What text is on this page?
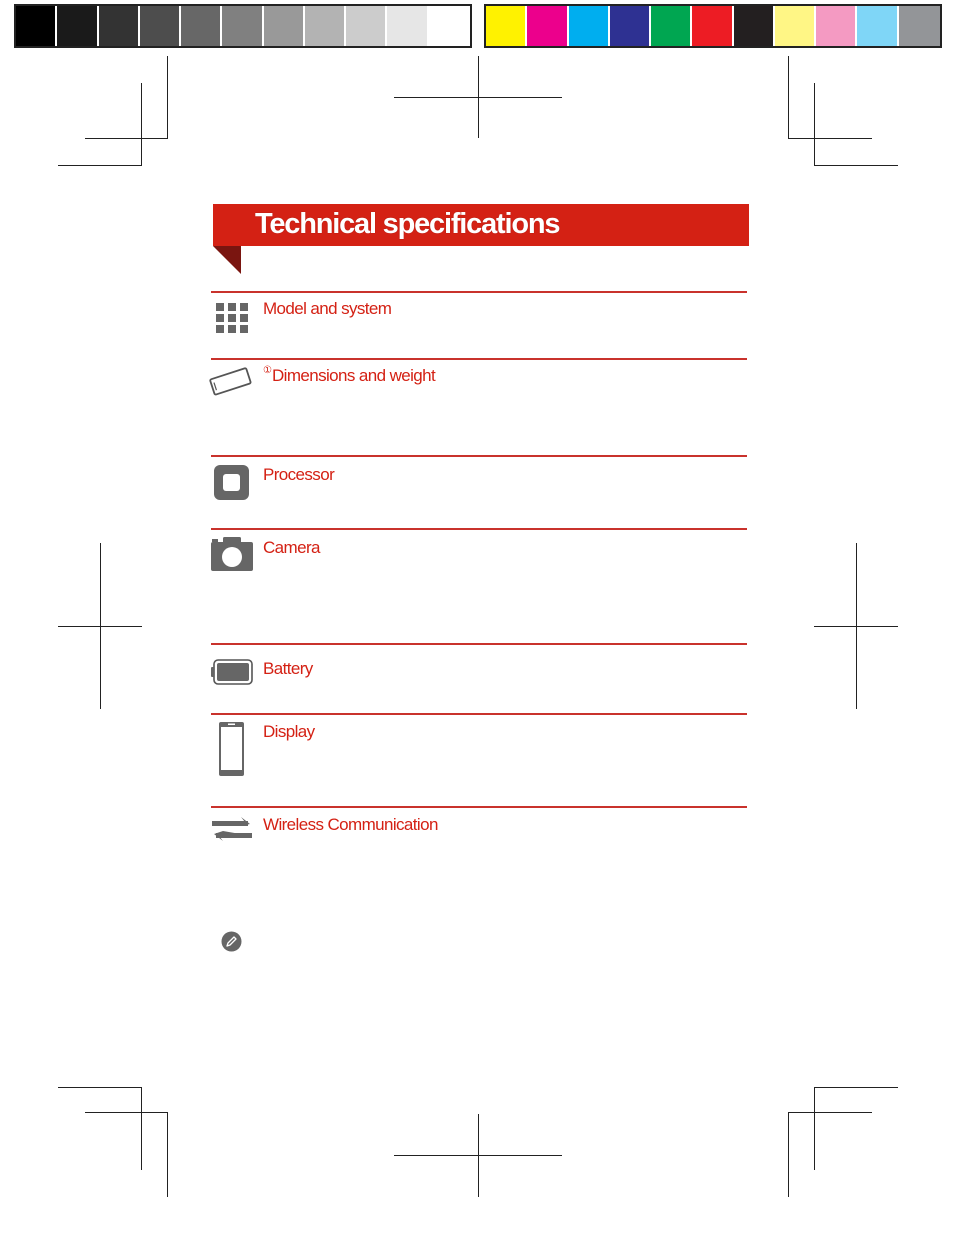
Technical specifications
Model and system
①Dimensions and weight
Processor
Camera
Battery
Display
Wireless Communication
